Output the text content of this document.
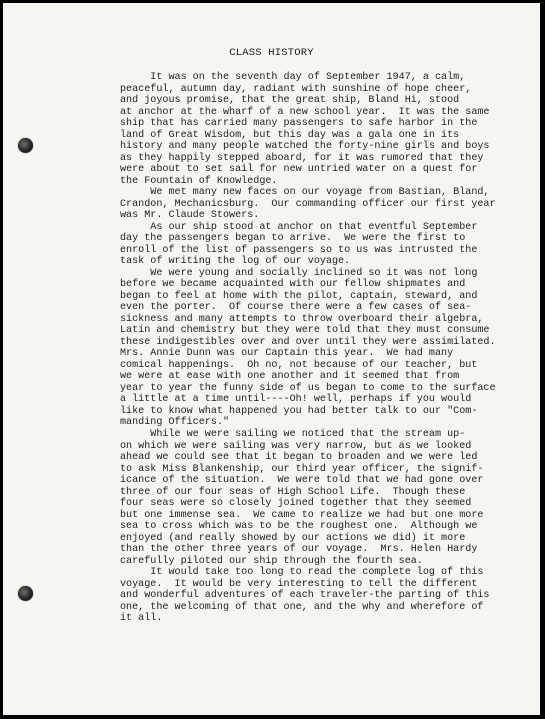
CLASS HISTORY
It was on the seventh day of September 1947, a calm,
peaceful, autumn day, radiant with sunshine of hope cheer,
and joyous promise, that the great ship, Bland Hi, stood
at anchor at the wharf of a new school year.  It was the same
ship that has carried many passengers to safe harbor in the
land of Great Wisdom, but this day was a gala one in its
history and many people watched the forty-nine girls and boys
as they happily stepped aboard, for it was rumored that they
were about to set sail for new untried water on a quest for
the Fountain of Knowledge.
We met many new faces on our voyage from Bastian, Bland,
Crandon, Mechanicsburg.  Our commanding officer our first year
was Mr. Claude Stowers.
As our ship stood at anchor on that eventful September
day the passengers began to arrive.  We were the first to
enroll of the list of passengers so to us was intrusted the
task of writing the log of our voyage.
We were young and socially inclined so it was not long
before we became acquainted with our fellow shipmates and
began to feel at home with the pilot, captain, steward, and
even the porter.  Of course there were a few cases of sea-
sickness and many attempts to throw overboard their algebra,
Latin and chemistry but they were told that they must consume
these indigestibles over and over until they were assimilated.
Mrs. Annie Dunn was our Captain this year.  We had many
comical happenings.  Oh no, not because of our teacher, but
we were at ease with one another and it seemed that from
year to year the funny side of us began to come to the surface
a little at a time until----Oh! well, perhaps if you would
like to know what happened you had better talk to our "Com-
manding Officers."
While we were sailing we noticed that the stream up-
on which we were sailing was very narrow, but as we looked
ahead we could see that it began to broaden and we were led
to ask Miss Blankenship, our third year officer, the signif-
icance of the situation.  We were told that we had gone over
three of our four seas of High School Life.  Though these
four seas were so closely joined together that they seemed
but one immense sea.  We came to realize we had but one more
sea to cross which was to be the roughest one.  Although we
enjoyed (and really showed by our actions we did) it more
than the other three years of our voyage.  Mrs. Helen Hardy
carefully piloted our ship through the fourth sea.
It would take too long to read the complete log of this
voyage.  It would be very interesting to tell the different
and wonderful adventures of each traveler-the parting of this
one, the welcoming of that one, and the why and wherefore of
it all.
